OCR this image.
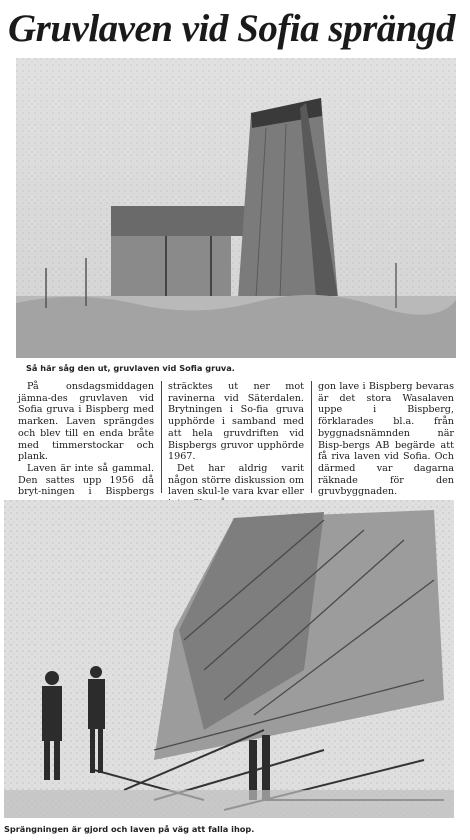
Gruvlaven vid Sofia sprängd
Så här såg den ut, gruvlaven vid Sofia gruva.

På onsdagsmiddagen jämna-des gruvlaven vid Sofia gruva i Bispberg med marken. Laven sprängdes och blev till en enda bråte med timmerstockar och plank.

Laven är inte så gammal. Den sattes upp 1956 då bryt-ningen i Bispbergs

sträcktes ut ner mot ravinerna vid Säterdalen. Brytningen i So-fia gruva upphörde i samband med att hela gruvdriften vid Bispbergs gruvor upphörde 1967.

Det har aldrig varit någon större diskussion om laven skul-le vara kvar eller

gon lave i Bispberg bevaras är det stora Wasalaven uppe i Bispberg, förklarades bl.a. från byggnadsnämnden när Bisp-bergs AB begärde att få riva laven vid Sofia. Och därmed var dagarna räknade för den gruvbyggnaden.

Sprängningen är gjord och laven på väg att falla ihop.
